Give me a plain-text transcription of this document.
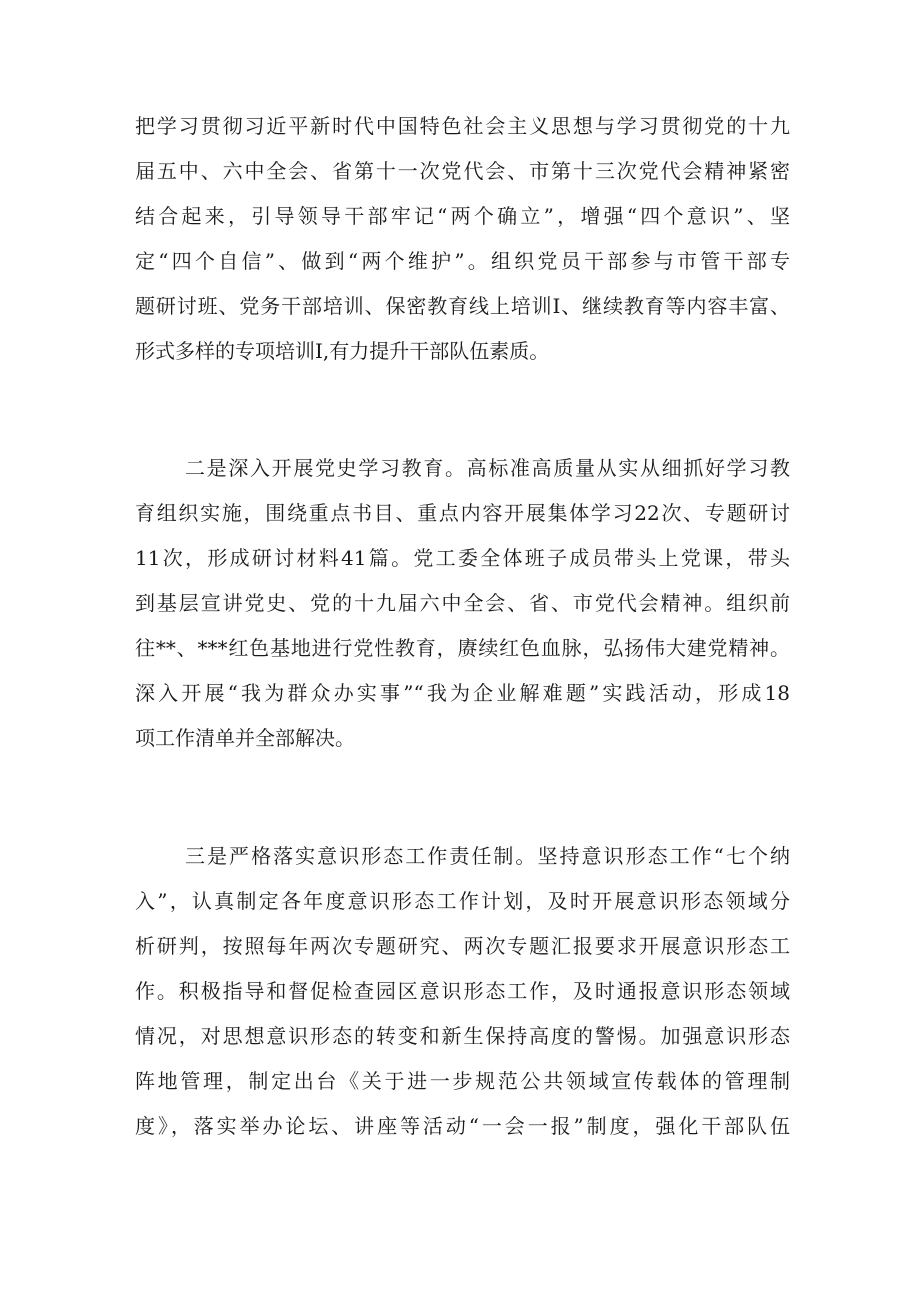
把学习贯彻习近平新时代中国特色社会主义思想与学习贯彻党的十九
届五中、六中全会、省第十一次党代会、市第十三次党代会精神紧密
结合起来，引导领导干部牢记“两个确立”，增强“四个意识”、坚
定“四个自信”、做到“两个维护”。组织党员干部参与市管干部专
题研讨班、党务干部培训、保密教育线上培训I、继续教育等内容丰富、
形式多样的专项培训I,有力提升干部队伍素质。
二是深入开展党史学习教育。高标准高质量从实从细抓好学习教
育组织实施，围绕重点书目、重点内容开展集体学习22次、专题研讨
11次，形成研讨材料41篇。党工委全体班子成员带头上党课，带头
到基层宣讲党史、党的十九届六中全会、省、市党代会精神。组织前
往**、***红色基地进行党性教育，赓续红色血脉，弘扬伟大建党精神。
深入开展“我为群众办实事”“我为企业解难题”实践活动，形成18
项工作清单并全部解决。
三是严格落实意识形态工作责任制。坚持意识形态工作“七个纳
入”，认真制定各年度意识形态工作计划，及时开展意识形态领域分
析研判，按照每年两次专题研究、两次专题汇报要求开展意识形态工
作。积极指导和督促检查园区意识形态工作，及时通报意识形态领域
情况，对思想意识形态的转变和新生保持高度的警惕。加强意识形态
阵地管理，制定出台《关于进一步规范公共领域宣传载体的管理制
度》，落实举办论坛、讲座等活动“一会一报”制度，强化干部队伍
